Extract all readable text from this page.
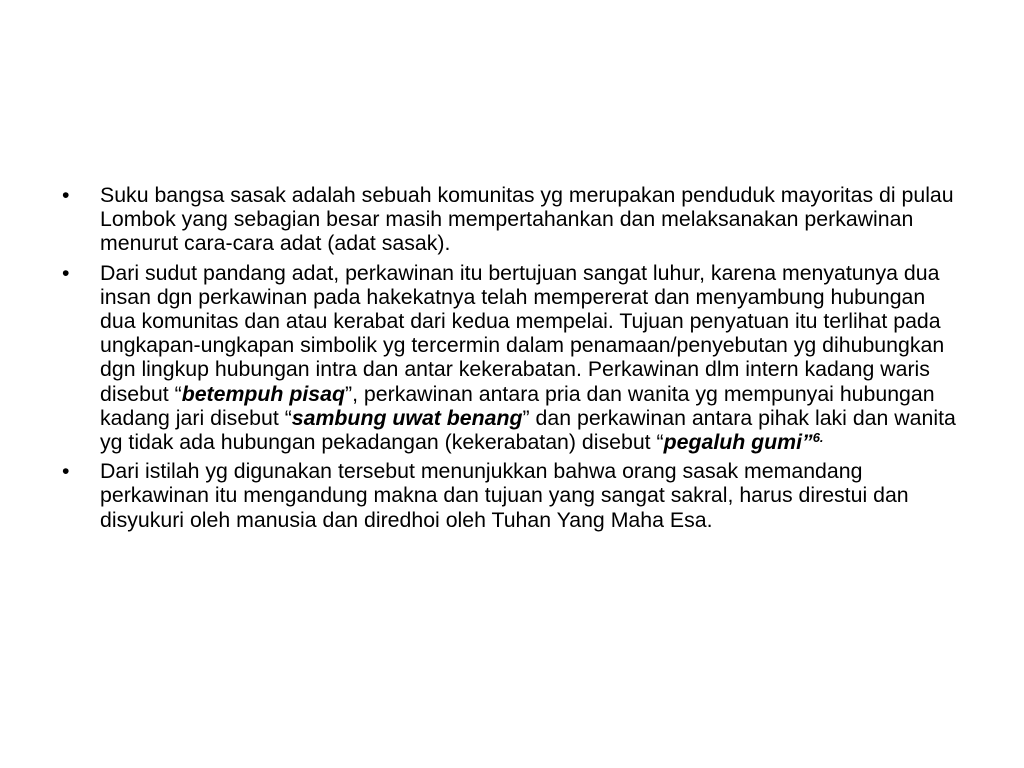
•	Suku bangsa sasak adalah sebuah komunitas yg merupakan penduduk mayoritas di pulau Lombok yang sebagian besar masih mempertahankan dan melaksanakan perkawinan menurut cara-cara adat (adat sasak).
•	Dari sudut pandang adat, perkawinan itu bertujuan sangat luhur, karena menyatunya dua insan dgn perkawinan pada hakekatnya telah mempererat dan menyambung hubungan dua komunitas dan atau kerabat dari kedua mempelai. Tujuan penyatuan itu terlihat pada ungkapan-ungkapan simbolik yg tercermin dalam penamaan/penyebutan yg dihubungkan dgn lingkup hubungan intra dan antar kekerabatan. Perkawinan dlm intern kadang waris disebut “betempuh pisaq”, perkawinan antara pria dan wanita yg mempunyai hubungan kadang jari disebut “sambung uwat benang” dan perkawinan antara pihak laki dan wanita yg tidak ada hubungan pekadangan (kekerabatan) disebut “pegaluh gumi”$^{6.}$
•	Dari istilah yg digunakan tersebut menunjukkan bahwa orang sasak memandang perkawinan itu mengandung makna dan tujuan yang sangat sakral, harus direstui dan disyukuri oleh manusia dan diredhoi oleh Tuhan Yang Maha Esa.
